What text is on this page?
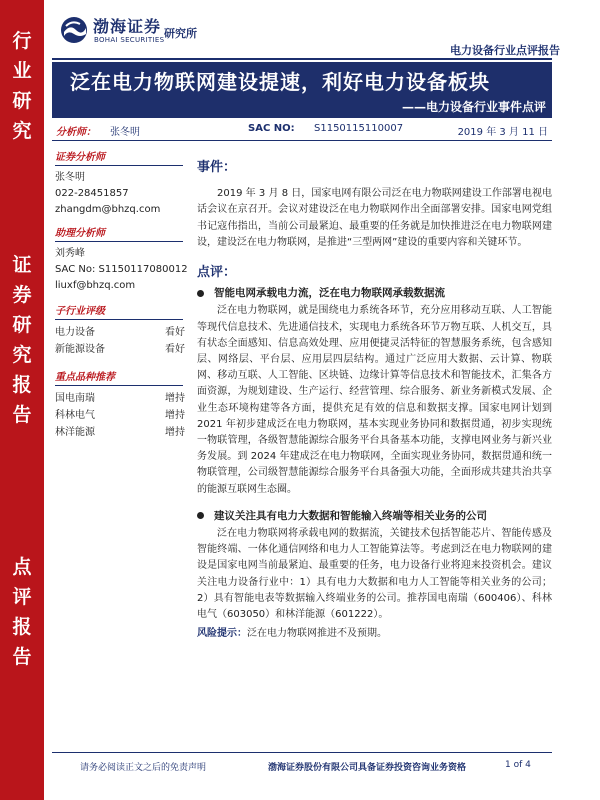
行
业
研
究
证
券
研
究
报
告
点
评
报
告
渤海证券
BOHAI SECURITIES 研究所
电力设备行业点评报告
泛在电力物联网建设提速，利好电力设备板块
——电力设备行业事件点评
分析师： 张冬明	SAC NO: S1150115110007	2019 年 3 月 11 日
证券分析师
张冬明
022-28451857
zhangdm@bhzq.com
助理分析师
刘秀峰
SAC No: S1150117080012
liuxf@bhzq.com
子行业评级
电力设备	看好
新能源设备	看好
重点品种推荐
国电南瑞	增持
科林电气	增持
林洋能源	增持

事件：

2019 年 3 月 8 日，国家电网有限公司泛在电力物联网建设工作部署电视电话会议在京召开。会议对建设泛在电力物联网作出全面部署安排。国家电网党组书记寇伟指出，当前公司最紧迫、最重要的任务就是加快推进泛在电力物联网建设，建设泛在电力物联网，是推进“三型两网”建设的重要内容和关键环节。

点评：

智能电网承载电力流，泛在电力物联网承载数据流

泛在电力物联网，就是围绕电力系统各环节，充分应用移动互联、人工智能等现代信息技术、先进通信技术，实现电力系统各环节万物互联、人机交互，具有状态全面感知、信息高效处理、应用便捷灵活特征的智慧服务系统，包含感知层、网络层、平台层、应用层四层结构。通过广泛应用大数据、云计算、物联网、移动互联、人工智能、区块链、边缘计算等信息技术和智能技术，汇集各方面资源，为规划建设、生产运行、经营管理、综合服务、新业务新模式发展、企业生态环境构建等各方面，提供充足有效的信息和数据支撑。国家电网计划到 2021 年初步建成泛在电力物联网，基本实现业务协同和数据贯通，初步实现统一物联管理，各级智慧能源综合服务平台具备基本功能，支撑电网业务与新兴业务发展。到 2024 年建成泛在电力物联网，全面实现业务协同，数据贯通和统一物联管理，公司级智慧能源综合服务平台具备强大功能，全面形成共建共治共享的能源互联网生态圈。

建议关注具有电力大数据和智能输入终端等相关业务的公司

泛在电力物联网将承载电网的数据流，关键技术包括智能芯片、智能传感及智能终端、一体化通信网络和电力人工智能算法等。考虑到泛在电力物联网的建设是国家电网当前最紧迫、最重要的任务，电力设备行业将迎来投资机会。建议关注电力设备行业中：1）具有电力大数据和电力人工智能等相关业务的公司；2）具有智能电表等数据输入终端业务的公司。推荐国电南瑞（600406）、科林电气（603050）和林洋能源（601222）。

风险提示：泛在电力物联网推进不及预期。
请务必阅读正文之后的免责声明	渤海证券股份有限公司具备证券投资咨询业务资格	1 of 4
